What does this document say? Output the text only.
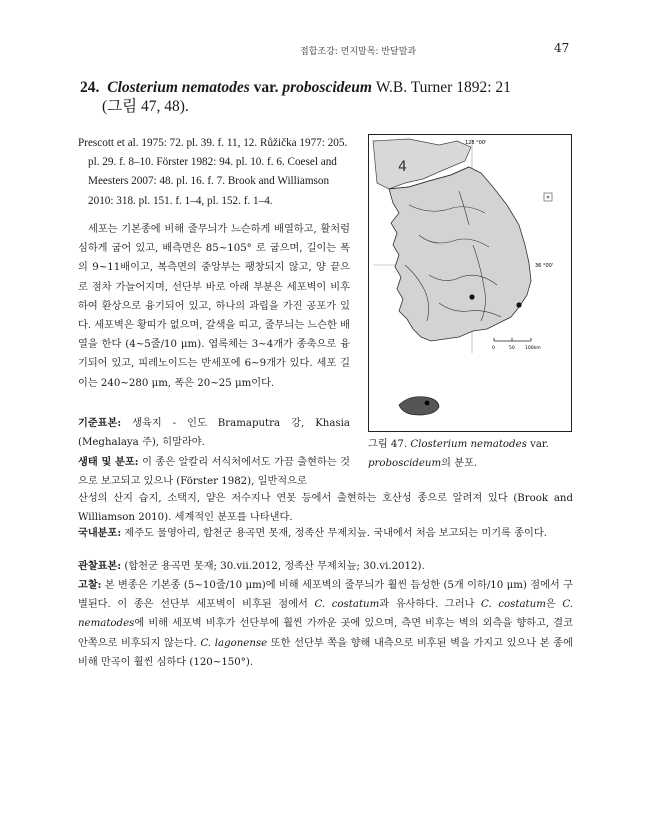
접합조강: 먼지말목: 반달말과	47
24. Closterium nematodes var. proboscideum W.B. Turner 1892: 21
(그림 47, 48).

Prescott et al. 1975: 72. pl. 39. f. 11, 12. Růžička 1977: 205. pl. 29. f. 8–10. Förster 1982: 94. pl. 10. f. 6. Coesel and Meesters 2007: 48. pl. 16. f. 7. Brook and Williamson 2010: 318. pl. 151. f. 1–4, pl. 152. f. 1–4.

세포는 기본종에 비해 줄무늬가 느슨하게 배열하고, 활처럼 심하게 굽어 있고, 배측면은 85~105° 로 굽으며, 길이는 폭의 9~11배이고, 복측면의 중앙부는 팽창되지 않고, 양 끝으로 점차 가늘어지며, 선단부 바로 아래 부분은 세포벽이 비후하여 환상으로 융기되어 있고, 하나의 과립을 가진 공포가 있다. 세포벽은 황띠가 없으며, 갈색을 띠고, 줄무늬는 느슨한 배열을 한다 (4~5줄/10 μm). 엽록체는 3~4개가 종축으로 융기되어 있고, 피레노이드는 반세포에 6~9개가 있다. 세포 길이는 240~280 μm, 폭은 20~25 μm이다.

128 °00'
36 °00'
4
0	50 100km
그림 47. Closterium nematodes var. proboscideum의 분포.

기준표본: 생육지 - 인도 Bramaputra 강, Khasia (Meghalaya 주), 히말라야.

생태 및 분포: 이 종은 알칼리 서식처에서도 가끔 출현하는 것으로 보고되고 있으나 (Förster 1982), 일반적으로

산성의 산지 습지, 소택지, 얕은 저수지나 연못 등에서 출현하는 호산성 종으로 알려져 있다 (Brook and Williamson 2010). 세계적인 분포를 나타낸다.

국내분포: 제주도 물영아리, 합천군 용곡면 못재, 정족산 무제치늪. 국내에서 처음 보고되는 미기록 종이다.

관찰표본: (합천군 용곡면 못재; 30.vii.2012, 정족산 무제치늪; 30.vi.2012).

고찰: 본 변종은 기본종 (5~10줄/10 μm)에 비해 세포벽의 줄무늬가 훨씬 듬성한 (5개 이하/10 μm) 점에서 구별된다. 이 종은 선단부 세포벽이 비후된 점에서 C. costatum과 유사하다. 그러나 C. costatum은 C. nematodes에 비해 세포벽 비후가 선단부에 훨씬 가까운 곳에 있으며, 측면 비후는 벽의 외측을 향하고, 결코 안쪽으로 비후되지 않는다. C. lagonense 또한 선단부 쪽을 향해 내측으로 비후된 벽을 가지고 있으나 본 종에 비해 만곡이 훨씬 심하다 (120~150°).
